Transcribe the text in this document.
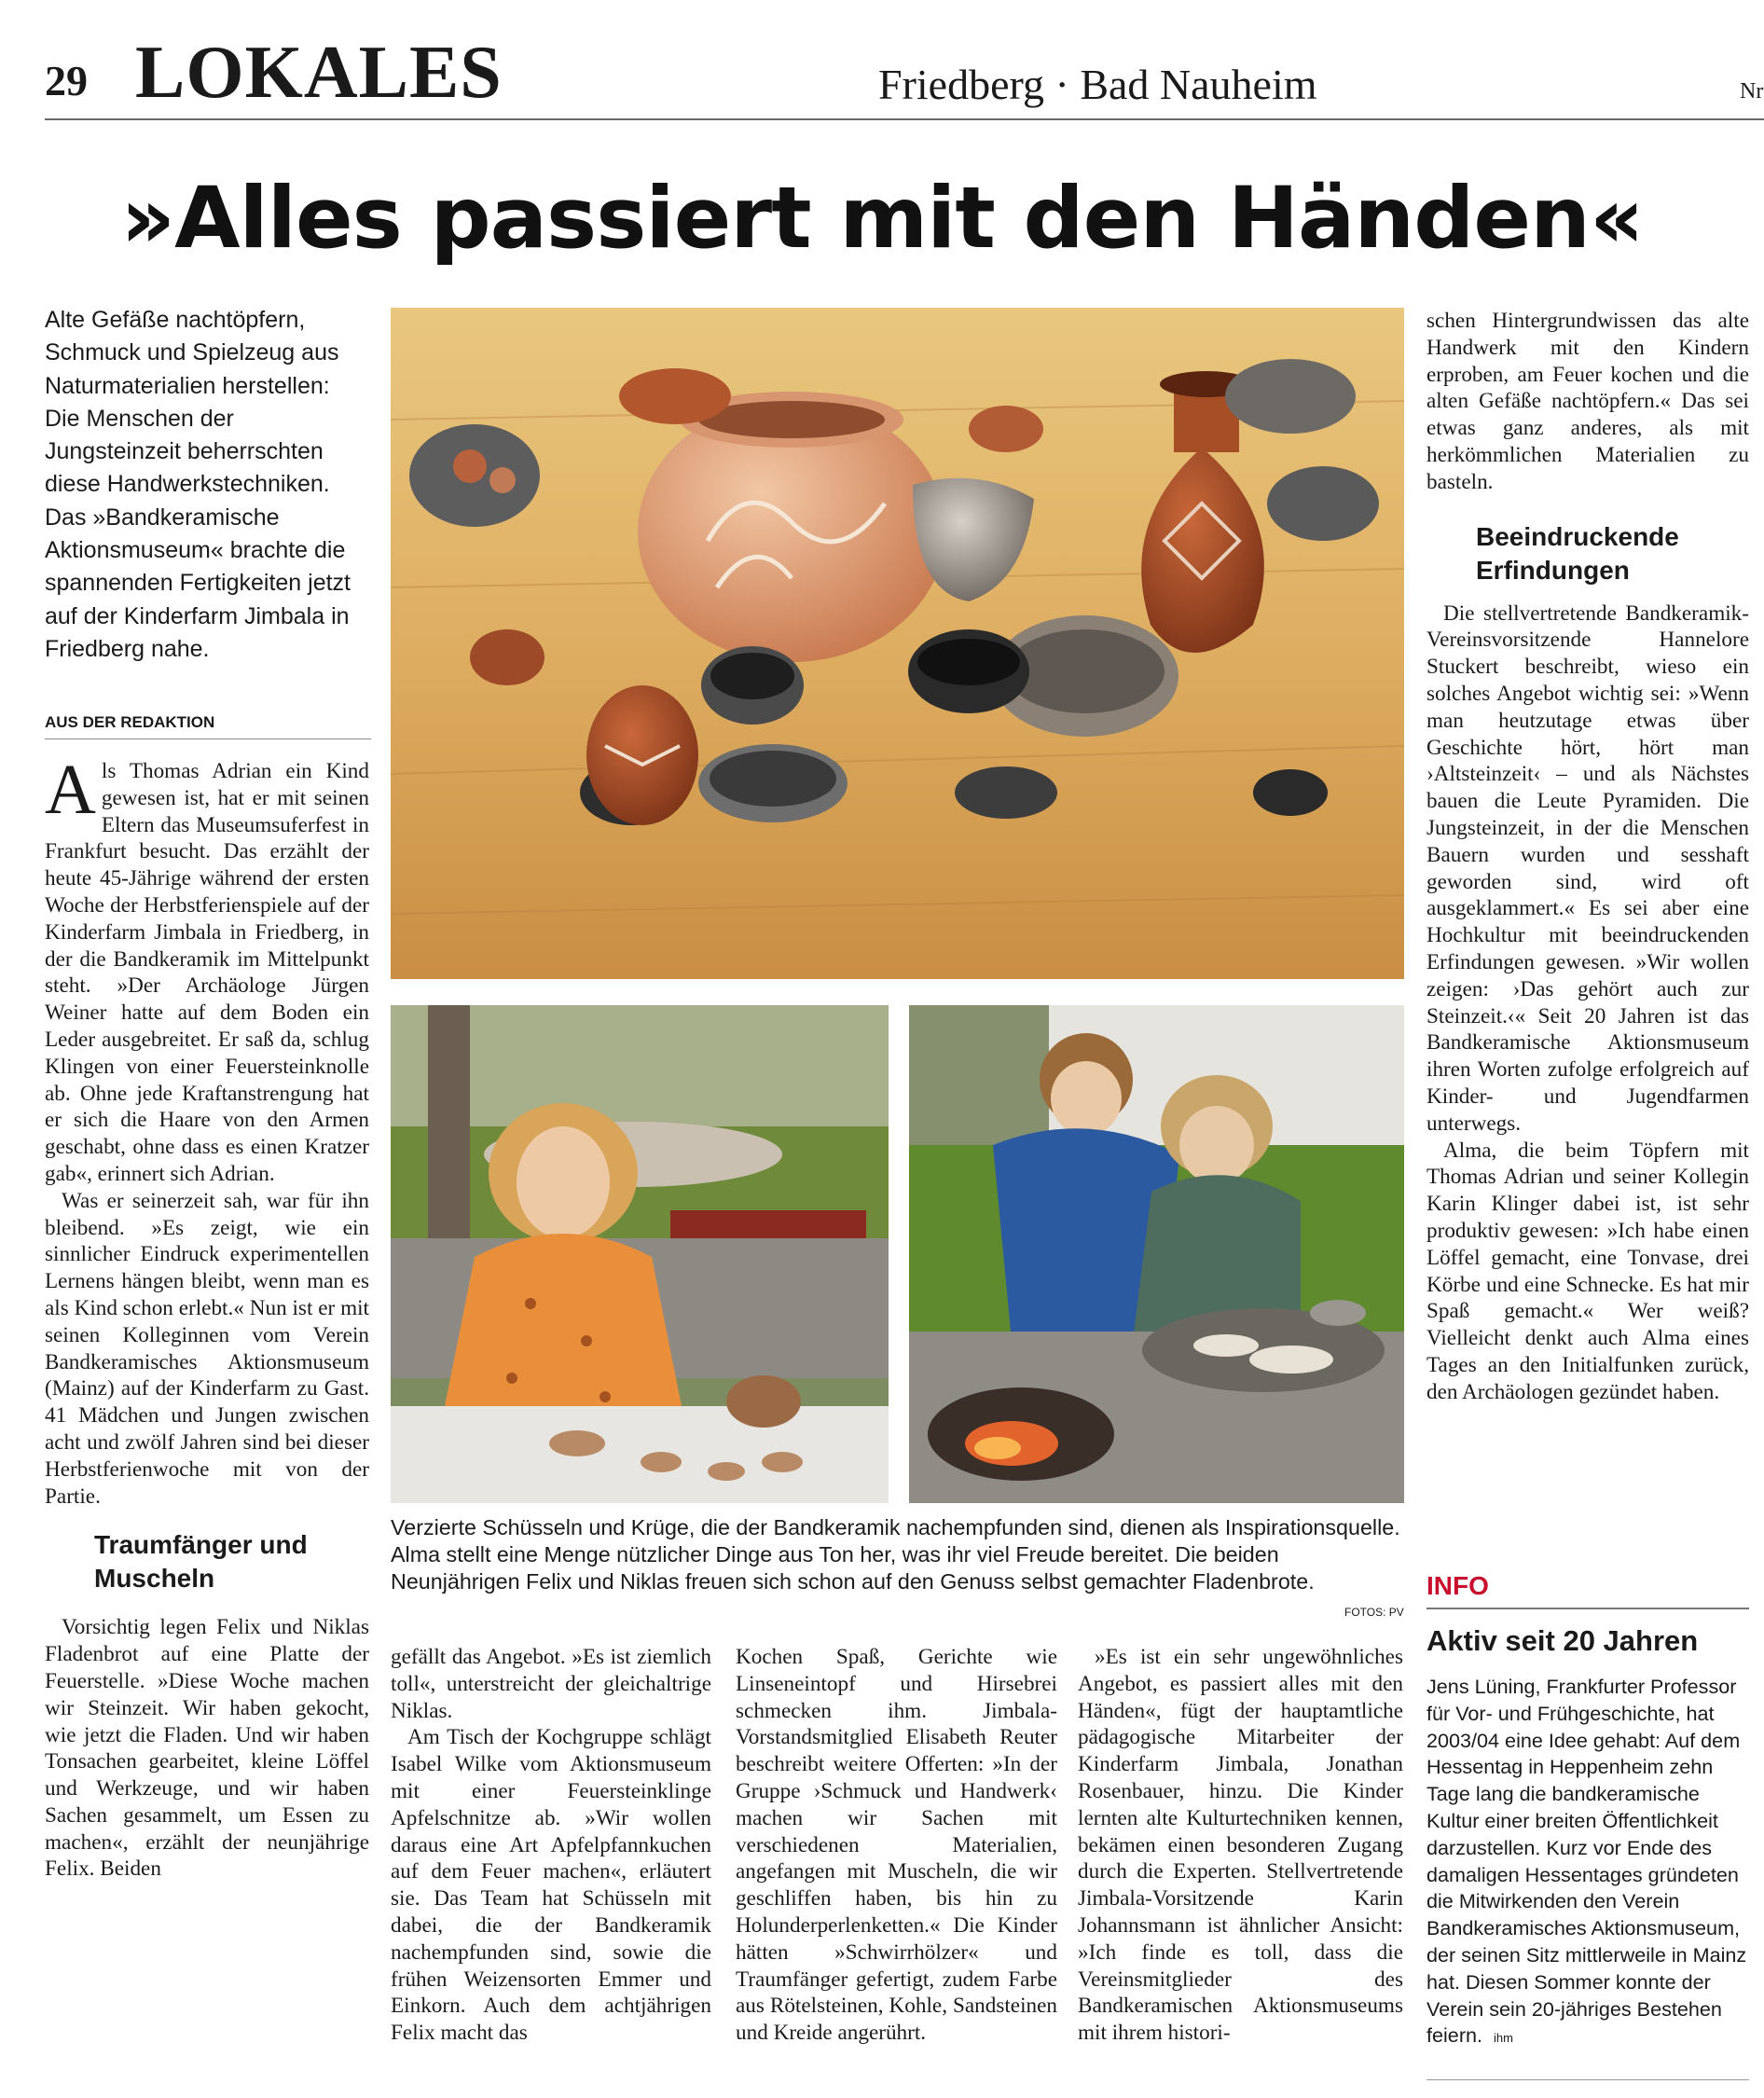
29 LOKALES	Friedberg · Bad Nauheim	Nr
»Alles passiert mit den Händen«
Alte Gefäße nachtöpfern, Schmuck und Spielzeug aus Naturmaterialien herstellen: Die Menschen der Jungsteinzeit beherrschten diese Handwerkstechniken. Das »Bandkeramische Aktionsmuseum« brachte die spannenden Fertigkeiten jetzt auf der Kinderfarm Jimbala in Friedberg nahe.
AUS DER REDAKTION

Als Thomas Adrian ein Kind gewesen ist, hat er mit seinen Eltern das Museumsuferfest in Frankfurt besucht. Das erzählt der heute 45-Jährige während der ersten Woche der Herbstferienspiele auf der Kinderfarm Jimbala in Friedberg, in der die Bandkeramik im Mittelpunkt steht. »Der Archäologe Jürgen Weiner hatte auf dem Boden ein Leder ausgebreitet. Er saß da, schlug Klingen von einer Feuersteinknolle ab. Ohne jede Kraftanstrengung hat er sich die Haare von den Armen geschabt, ohne dass es einen Kratzer gab«, erinnert sich Adrian.

Was er seinerzeit sah, war für ihn bleibend. »Es zeigt, wie ein sinnlicher Eindruck experimentellen Lernens hängen bleibt, wenn man es als Kind schon erlebt.« Nun ist er mit seinen Kolleginnen vom Verein Bandkeramisches Aktionsmuseum (Mainz) auf der Kinderfarm zu Gast. 41 Mädchen und Jungen zwischen acht und zwölf Jahren sind bei dieser Herbstferienwoche mit von der Partie.

Traumfänger und Muscheln

Vorsichtig legen Felix und Niklas Fladenbrot auf eine Platte der Feuerstelle. »Diese Woche machen wir Steinzeit. Wir haben gekocht, wie jetzt die Fladen. Und wir haben Tonsachen gearbeitet, kleine Löffel und Werkzeuge, und wir haben Sachen gesammelt, um Essen zu machen«, erzählt der neunjährige Felix. Beiden

Verzierte Schüsseln und Krüge, die der Bandkeramik nachempfunden sind, dienen als Inspirationsquelle. Alma stellt eine Menge nützlicher Dinge aus Ton her, was ihr viel Freude bereitet. Die beiden Neunjährigen Felix und Niklas freuen sich schon auf den Genuss selbst gemachter Fladenbrote.
FOTOS: PV

gefällt das Angebot. »Es ist ziemlich toll«, unterstreicht der gleichaltrige Niklas.

Am Tisch der Kochgruppe schlägt Isabel Wilke vom Aktionsmuseum mit einer Feuersteinklinge Apfelschnitze ab. »Wir wollen daraus eine Art Apfelpfannkuchen auf dem Feuer machen«, erläutert sie. Das Team hat Schüsseln mit dabei, die der Bandkeramik nachempfunden sind, sowie die frühen Weizensorten Emmer und Einkorn. Auch dem achtjährigen Felix macht das

Kochen Spaß, Gerichte wie Linseneintopf und Hirsebrei schmecken ihm. Jimbala-Vorstandsmitglied Elisabeth Reuter beschreibt weitere Offerten: »In der Gruppe ›Schmuck und Handwerk‹ machen wir Sachen mit verschiedenen Materialien, angefangen mit Muscheln, die wir geschliffen haben, bis hin zu Holunderperlenketten.« Die Kinder hätten »Schwirrhölzer« und Traumfänger gefertigt, zudem Farbe aus Rötelsteinen, Kohle, Sandsteinen und Kreide angerührt.

»Es ist ein sehr ungewöhnliches Angebot, es passiert alles mit den Händen«, fügt der hauptamtliche pädagogische Mitarbeiter der Kinderfarm Jimbala, Jonathan Rosenbauer, hinzu. Die Kinder lernten alte Kulturtechniken kennen, bekämen einen besonderen Zugang durch die Experten. Stellvertretende Jimbala-Vorsitzende Karin Johannsmann ist ähnlicher Ansicht: »Ich finde es toll, dass die Vereinsmitglieder des Bandkeramischen Aktionsmuseums mit ihrem histori-

schen Hintergrundwissen das alte Handwerk mit den Kindern erproben, am Feuer kochen und die alten Gefäße nachtöpfern.« Das sei etwas ganz anderes, als mit herkömmlichen Materialien zu basteln.

Beeindruckende Erfindungen

Die stellvertretende Bandkeramik-Vereinsvorsitzende Hannelore Stuckert beschreibt, wieso ein solches Angebot wichtig sei: »Wenn man heutzutage etwas über Geschichte hört, hört man ›Altsteinzeit‹ – und als Nächstes bauen die Leute Pyramiden. Die Jungsteinzeit, in der die Menschen Bauern wurden und sesshaft geworden sind, wird oft ausgeklammert.« Es sei aber eine Hochkultur mit beeindruckenden Erfindungen gewesen. »Wir wollen zeigen: ›Das gehört auch zur Steinzeit.‹« Seit 20 Jahren ist das Bandkeramische Aktionsmuseum ihren Worten zufolge erfolgreich auf Kinder- und Jugendfarmen unterwegs.

Alma, die beim Töpfern mit Thomas Adrian und seiner Kollegin Karin Klinger dabei ist, ist sehr produktiv gewesen: »Ich habe einen Löffel gemacht, eine Tonvase, drei Körbe und eine Schnecke. Es hat mir Spaß gemacht.« Wer weiß? Vielleicht denkt auch Alma eines Tages an den Initialfunken zurück, den Archäologen gezündet haben.

INFO
Aktiv seit 20 Jahren
Jens Lüning, Frankfurter Professor für Vor- und Frühgeschichte, hat 2003/04 eine Idee gehabt: Auf dem Hessentag in Heppenheim zehn Tage lang die bandkeramische Kultur einer breiten Öffentlichkeit darzustellen. Kurz vor Ende des damaligen Hessentages gründeten die Mitwirkenden den Verein Bandkeramisches Aktionsmuseum, der seinen Sitz mittlerweile in Mainz hat. Diesen Sommer konnte der Verein sein 20-jähriges Bestehen feiern. ihm
